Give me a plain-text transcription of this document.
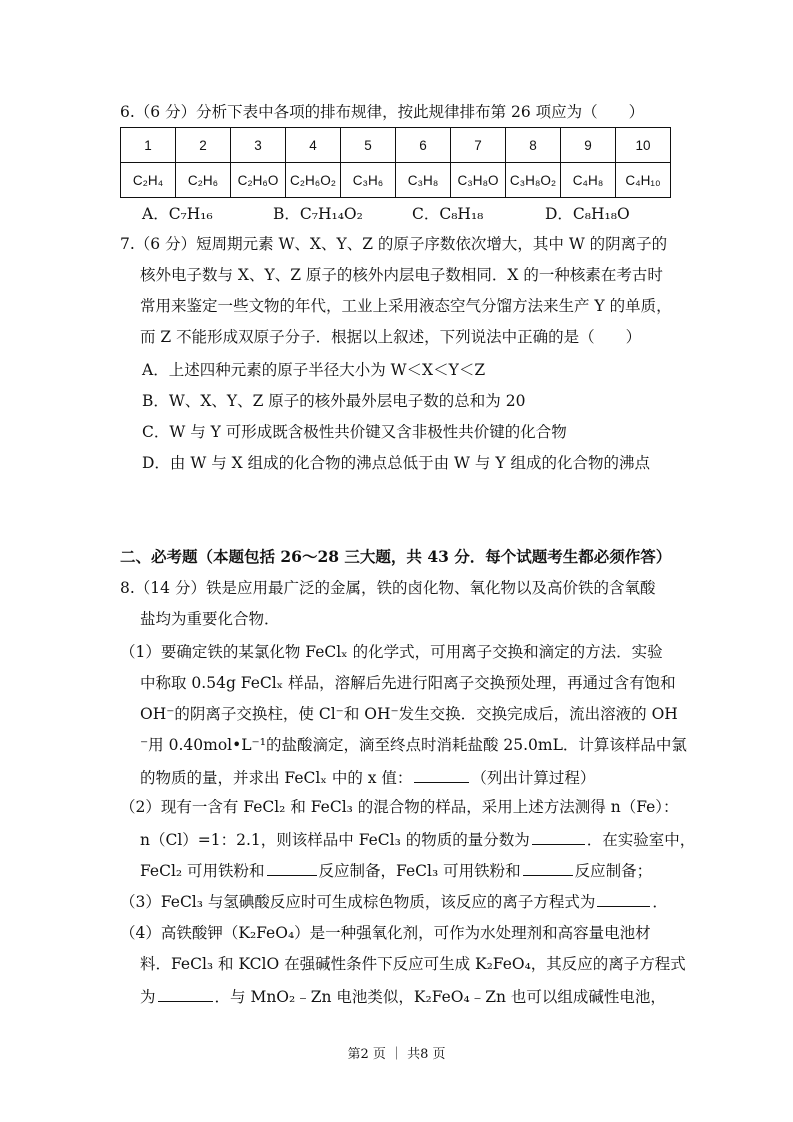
6.（6 分）分析下表中各项的排布规律，按此规律排布第 26 项应为（　　）
1	2	3	4	5	6	7	8	9	10
C₂H₄	C₂H₆	C₂H₆O	C₂H₆O₂	C₃H₆	C₃H₈	C₃H₈O	C₃H₈O₂	C₄H₈	C₄H₁₀
A．C₇H₁₆	B．C₇H₁₄O₂	C．C₈H₁₈	D．C₈H₁₈O
7.（6 分）短周期元素 W、X、Y、Z 的原子序数依次增大，其中 W 的阴离子的
核外电子数与 X、Y、Z 原子的核外内层电子数相同．X 的一种核素在考古时
常用来鉴定一些文物的年代，工业上采用液态空气分馏方法来生产 Y 的单质，
而 Z 不能形成双原子分子．根据以上叙述，下列说法中正确的是（　　）
A．上述四种元素的原子半径大小为 W＜X＜Y＜Z
B．W、X、Y、Z 原子的核外最外层电子数的总和为 20
C．W 与 Y 可形成既含极性共价键又含非极性共价键的化合物
D．由 W 与 X 组成的化合物的沸点总低于由 W 与 Y 组成的化合物的沸点
二、必考题（本题包括 26～28 三大题，共 43 分．每个试题考生都必须作答）
8.（14 分）铁是应用最广泛的金属，铁的卤化物、氧化物以及高价铁的含氧酸
盐均为重要化合物．
（1）要确定铁的某氯化物 FeClₓ 的化学式，可用离子交换和滴定的方法．实验
中称取 0.54g FeClₓ 样品，溶解后先进行阳离子交换预处理，再通过含有饱和
OH⁻的阴离子交换柱，使 Cl⁻和 OH⁻发生交换．交换完成后，流出溶液的 OH
⁻用 0.40mol•L⁻¹的盐酸滴定，滴至终点时消耗盐酸 25.0mL．计算该样品中氯
的物质的量，并求出 FeClₓ 中的 x 值：	（列出计算过程）
（2）现有一含有 FeCl₂ 和 FeCl₃ 的混合物的样品，采用上述方法测得 n（Fe）：
n（Cl）=1：2.1，则该样品中 FeCl₃ 的物质的量分数为	．在实验室中，
FeCl₂ 可用铁粉和	反应制备，FeCl₃ 可用铁粉和	反应制备；
（3）FeCl₃ 与氢碘酸反应时可生成棕色物质，该反应的离子方程式为	．
（4）高铁酸钾（K₂FeO₄）是一种强氧化剂，可作为水处理剂和高容量电池材
料．FeCl₃ 和 KClO 在强碱性条件下反应可生成 K₂FeO₄，其反应的离子方程式
为	．与 MnO₂﹣Zn 电池类似，K₂FeO₄﹣Zn 也可以组成碱性电池，
第2 页 ｜ 共8 页
